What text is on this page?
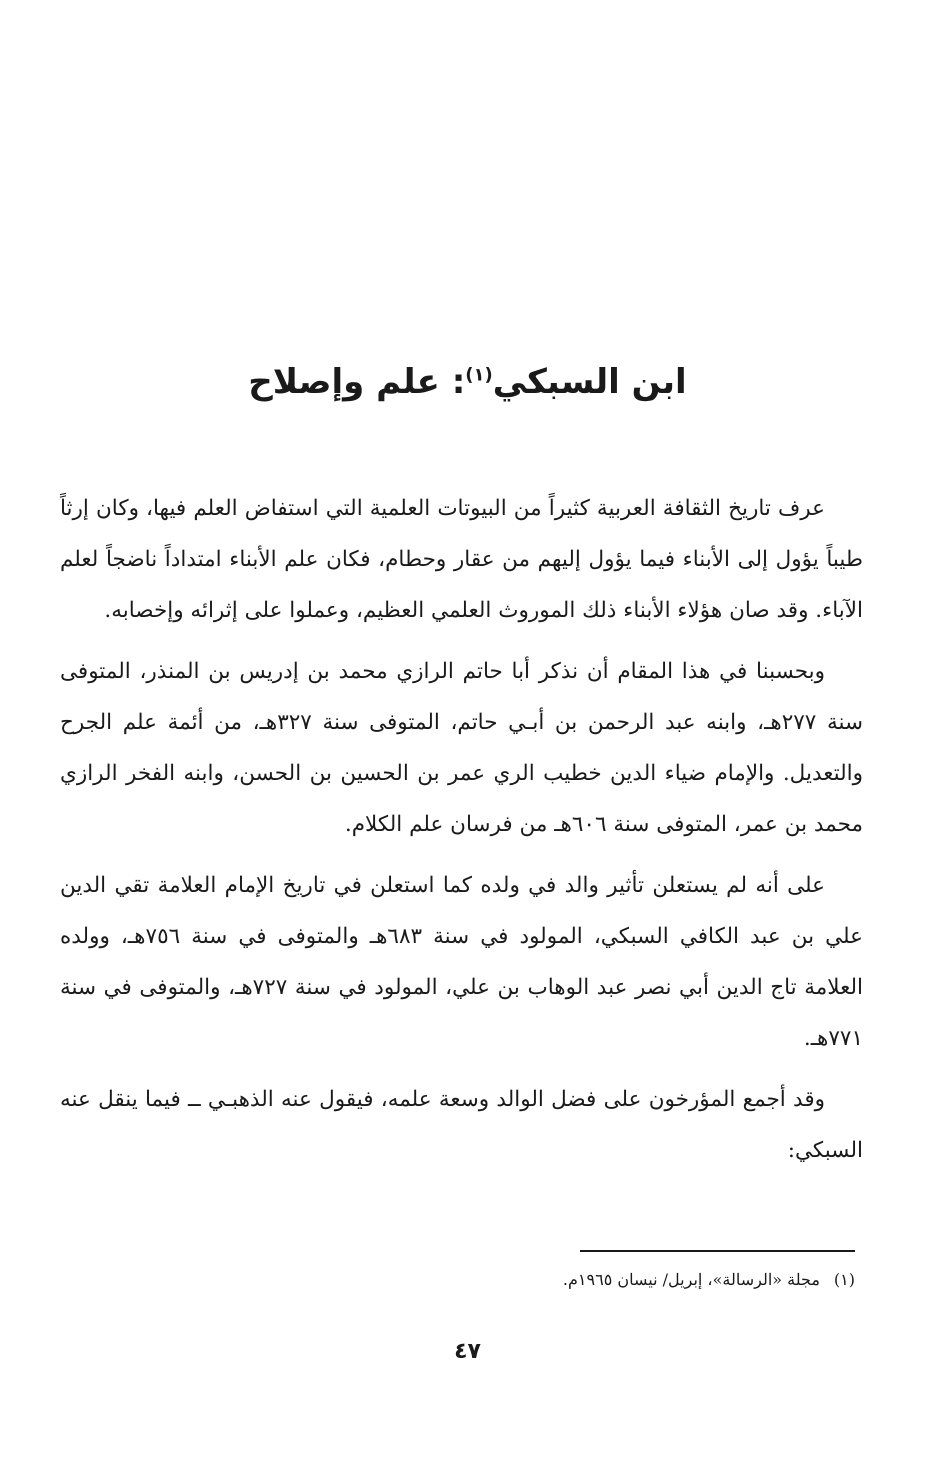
ابن السبكي$^{(١)}$: علم وإصلاح

عرف تاريخ الثقافة العربية كثيراً من البيوتات العلمية التي استفاض العلم فيها، وكان إرثاً طيباً يؤول إلى الأبناء فيما يؤول إليهم من عقار وحطام، فكان علم الأبناء امتداداً ناضجاً لعلم الآباء. وقد صان هؤلاء الأبناء ذلك الموروث العلمي العظيم، وعملوا على إثرائه وإخصابه.

وبحسبنا في هذا المقام أن نذكر أبا حاتم الرازي محمد بن إدريس بن المنذر، المتوفى سنة ٢٧٧هـ، وابنه عبد الرحمن بن أبـي حاتم، المتوفى سنة ٣٢٧هـ، من أئمة علم الجرح والتعديل. والإمام ضياء الدين خطيب الري عمر بن الحسين بن الحسن، وابنه الفخر الرازي محمد بن عمر، المتوفى سنة ٦٠٦هـ من فرسان علم الكلام.

على أنه لم يستعلن تأثير والد في ولده كما استعلن في تاريخ الإمام العلامة تقي الدين علي بن عبد الكافي السبكي، المولود في سنة ٦٨٣هـ والمتوفى في سنة ٧٥٦هـ، وولده العلامة تاج الدين أبي نصر عبد الوهاب بن علي، المولود في سنة ٧٢٧هـ، والمتوفى في سنة ٧٧١هـ.

وقد أجمع المؤرخون على فضل الوالد وسعة علمه، فيقول عنه الذهبـي ــ فيما ينقل عنه السبكي:

(١)مجلة «الرسالة»، إبريل/ نيسان ١٩٦٥م.
٤٧
